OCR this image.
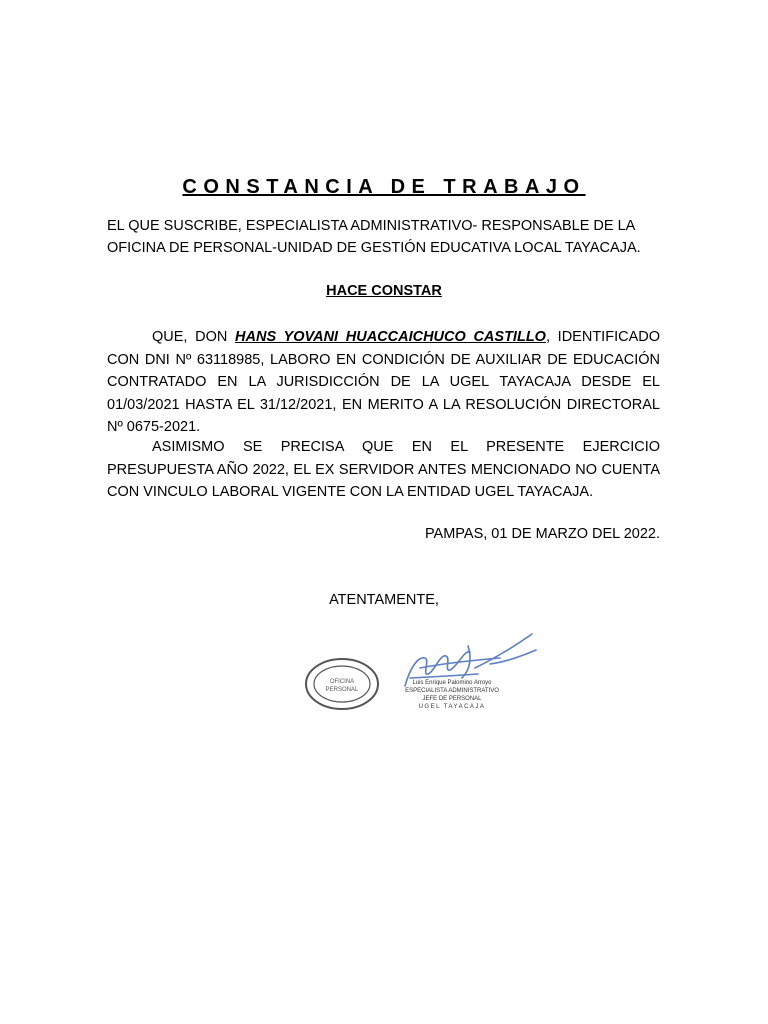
CONSTANCIA DE TRABAJO
EL QUE SUSCRIBE, ESPECIALISTA ADMINISTRATIVO- RESPONSABLE DE LA OFICINA DE PERSONAL-UNIDAD DE GESTIÓN EDUCATIVA LOCAL TAYACAJA.
HACE CONSTAR
QUE, DON HANS YOVANI HUACCAICHUCO CASTILLO, IDENTIFICADO CON DNI Nº 63118985, LABORO EN CONDICIÓN DE AUXILIAR DE EDUCACIÓN CONTRATADO EN LA JURISDICCIÓN DE LA UGEL TAYACAJA DESDE EL 01/03/2021 HASTA EL 31/12/2021, EN MERITO A LA RESOLUCIÓN DIRECTORAL Nº 0675-2021.
ASIMISMO SE PRECISA QUE EN EL PRESENTE EJERCICIO PRESUPUESTA AÑO 2022, EL EX SERVIDOR ANTES MENCIONADO NO CUENTA CON VINCULO LABORAL VIGENTE CON LA ENTIDAD UGEL TAYACAJA.
PAMPAS, 01 DE MARZO DEL 2022.
ATENTAMENTE,
OFICINA
PERSONAL
Luis Enrique Palomino Arroyo
ESPECIALISTA ADMINISTRATIVO
JEFE DE PERSONAL
UGEL TAYACAJA
